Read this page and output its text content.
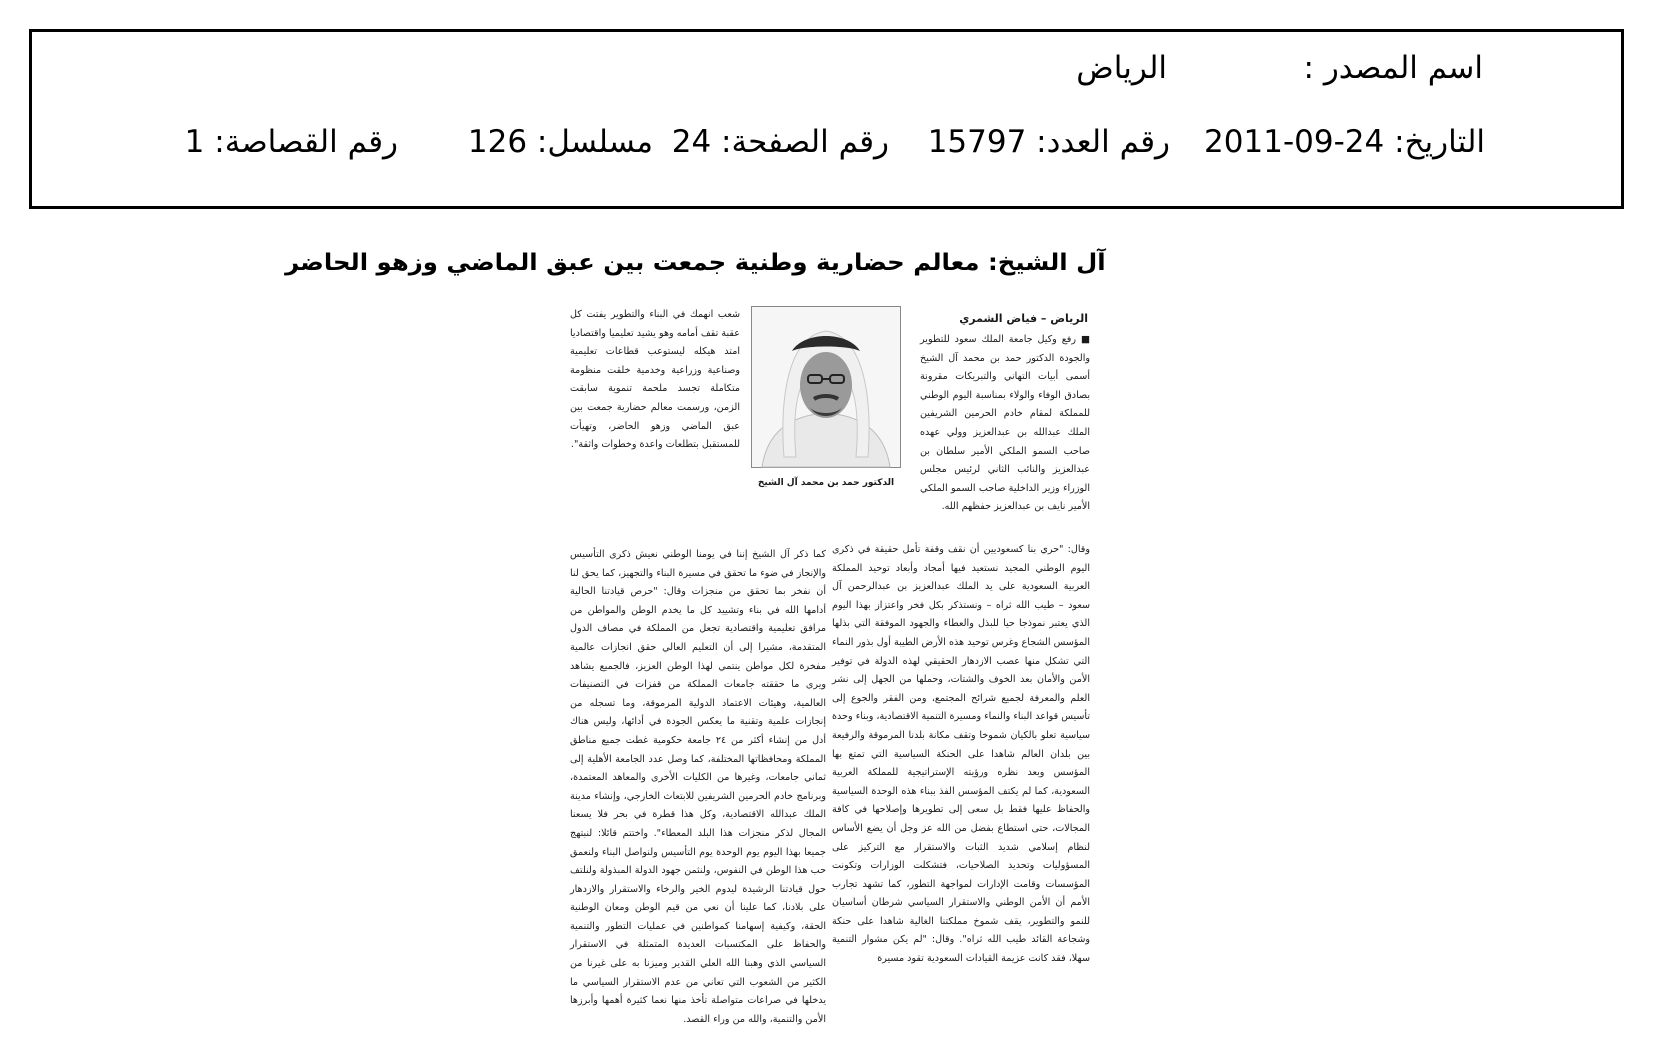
اسم المصدر :
الرياض
التاريخ: 24-09-2011
رقم العدد: 15797
رقم الصفحة: 24
مسلسل: 126
رقم القصاصة: 1
آل الشيخ: معالم حضارية وطنية جمعت بين عبق الماضي وزهو الحاضر
الرياض – فياض الشمري
■ رفع وكيل جامعة الملك سعود للتطوير والجودة الدكتور حمد بن محمد آل الشيخ أسمى أبيات التهاني والتبريكات مقرونة بصادق الوفاء والولاء بمناسبة اليوم الوطني للمملكة لمقام خادم الحرمين الشريفين الملك عبدالله بن عبدالعزيز وولي عهده صاحب السمو الملكي الأمير سلطان بن عبدالعزيز والنائب الثاني لرئيس مجلس الوزراء وزير الداخلية صاحب السمو الملكي الأمير نايف بن عبدالعزيز حفظهم الله.
الدكتور حمد بن محمد آل الشيخ
شعب انهمك في البناء والتطوير يفتت كل عقبة تقف أمامه وهو يشيد تعليميا واقتصاديا امتد هيكله ليستوعب قطاعات تعليمية وصناعية وزراعية وخدمية خلقت منظومة متكاملة تجسد ملحمة تنموية سابقت الزمن، ورسمت معالم حضارية جمعت بين عبق الماضي وزهو الحاضر، وتهيأت للمستقبل بتطلعات واعدة وخطوات واثقة".
وقال: "حري بنا كسعوديين أن نقف وقفة تأمل حقيقة في ذكرى اليوم الوطني المجيد نستعيد فيها أمجاد وأبعاد توحيد المملكة العربية السعودية على يد الملك عبدالعزيز بن عبدالرحمن آل سعود – طيب الله ثراه – ونستذكر بكل فخر واعتزاز بهذا اليوم الذي يعتبر نموذجا حيا للبذل والعطاء والجهود الموفقة التي بذلها المؤسس الشجاع وغرس توحيد هذه الأرض الطيبة أول بذور النماء التي تشكل منها عصب الازدهار الحقيقي لهذه الدولة في توفير الأمن والأمان بعد الخوف والشتات، وحملها من الجهل إلى نشر العلم والمعرفة لجميع شرائح المجتمع، ومن الفقر والجوع إلى تأسيس قواعد البناء والنماء ومسيرة التنمية الاقتصادية، وبناء وحدة سياسية تعلو بالكيان شموخا وتقف مكانة بلدنا المرموقة والرفيعة بين بلدان العالم شاهدا على الحنكة السياسية التي تمتع بها المؤسس وبعد نظره ورؤيته الإستراتيجية للمملكة العربية السعودية، كما لم يكتف المؤسس الفذ ببناء هذه الوحدة السياسية والحفاظ عليها فقط بل سعى إلى تطويرها وإصلاحها في كافة المجالات، حتى استطاع بفضل من الله عز وجل أن يضع الأساس لنظام إسلامي شديد الثبات والاستقرار مع التركيز على المسؤوليات وتحديد الصلاحيات، فتشكلت الوزارات وتكونت المؤسسات وقامت الإدارات لمواجهة التطور، كما تشهد تجارب الأمم أن الأمن الوطني والاستقرار السياسي شرطان أساسيان للنمو والتطوير، يقف شموخ مملكتنا الغالية شاهدا على حنكة وشجاعة القائد طيب الله ثراه". وقال: "لم يكن مشوار التنمية سهلا، فقد كانت عزيمة القيادات السعودية تقود مسيرة
كما ذكر آل الشيخ إننا في يومنا الوطني نعيش ذكرى التأسيس والإنجاز في ضوء ما تحقق في مسيرة البناء والتجهيز، كما يحق لنا أن نفخر بما تحقق من منجزات وقال: "حرص قيادتنا الحالية أدامها الله في بناء وتشييد كل ما يخدم الوطن والمواطن من مرافق تعليمية واقتصادية تجعل من المملكة في مصاف الدول المتقدمة، مشيرا إلى أن التعليم العالي حقق انجازات عالمية مفخرة لكل مواطن ينتمي لهذا الوطن العزيز، فالجميع يشاهد ويرى ما حققته جامعات المملكة من قفزات في التصنيفات العالمية، وهيئات الاعتماد الدولية المرموقة، وما تسجله من إنجازات علمية وتقنية ما يعكس الجودة في أدائها، وليس هناك أدل من إنشاء أكثر من ٢٤ جامعة حكومية غطت جميع مناطق المملكة ومحافظاتها المختلفة، كما وصل عدد الجامعة الأهلية إلى ثماني جامعات، وغيرها من الكليات الأخرى والمعاهد المعتمدة، وبرنامج خادم الحرمين الشريفين للابتعاث الخارجي، وإنشاء مدينة الملك عبدالله الاقتصادية، وكل هذا قطرة في بحر فلا يسعنا المجال لذكر منجزات هذا البلد المعطاء". واختتم قائلا: لنبتهج جميعا بهذا اليوم يوم الوحدة يوم التأسيس ولنواصل البناء ولنعمق حب هذا الوطن في النفوس، ولنثمن جهود الدولة المبذولة ولنلتف حول قيادتنا الرشيدة ليدوم الخير والرخاء والاستقرار والازدهار على بلادنا، كما علينا أن نعي من قيم الوطن ومعان الوطنية الحقة، وكيفية إسهامنا كمواطنين في عمليات التطور والتنمية والحفاظ على المكتسبات العديدة المتمثلة في الاستقرار السياسي الذي وهبنا الله العلي القدير وميزنا به على غيرنا من الكثير من الشعوب التي تعاني من عدم الاستقرار السياسي ما يدخلها في صراعات متواصلة تأخذ منها نعما كثيرة أهمها وأبرزها الأمن والتنمية، والله من وراء القصد.
